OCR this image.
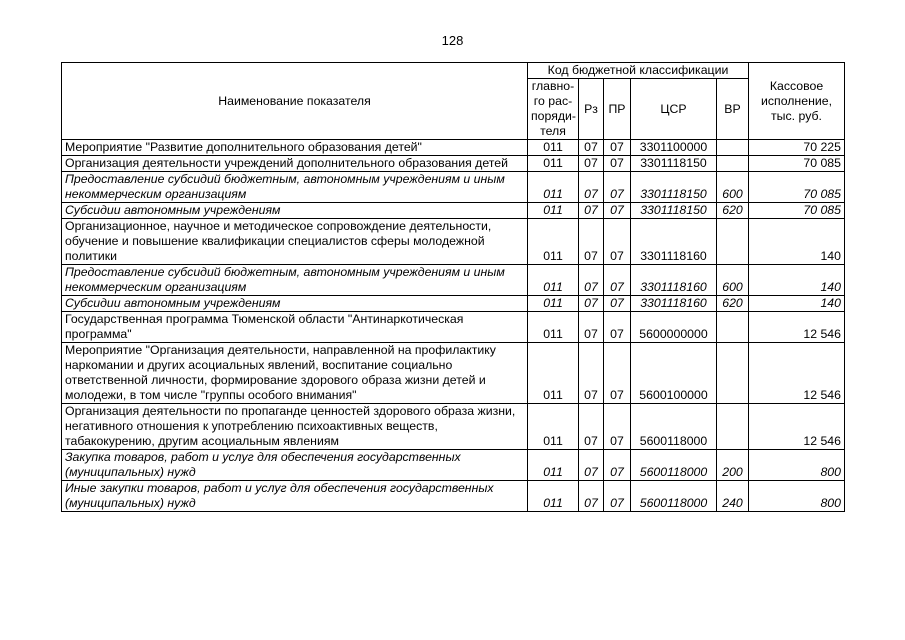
128
Наименование показателя	Код бюджетной классификации					Кассовое исполнение, тыс. руб.
	главно-го рас-поряди-теля	Рз	ПР	ЦСР	ВР	
Мероприятие "Развитие дополнительного образования детей"	011	07	07	3301100000		70 225
Организация деятельности учреждений дополнительного образования детей	011	07	07	3301118150		70 085
Предоставление субсидий бюджетным, автономным учреждениям и иным некоммерческим организациям	011	07	07	3301118150	600	70 085
Субсидии автономным учреждениям	011	07	07	3301118150	620	70 085
Организационное, научное и методическое сопровождение деятельности, обучение и повышение квалификации специалистов сферы молодежной политики	011	07	07	3301118160		140
Предоставление субсидий бюджетным, автономным учреждениям и иным некоммерческим организациям	011	07	07	3301118160	600	140
Субсидии автономным учреждениям	011	07	07	3301118160	620	140
Государственная программа Тюменской области "Антинаркотическая программа"	011	07	07	5600000000		12 546
Мероприятие "Организация деятельности, направленной на профилактику наркомании и других асоциальных явлений, воспитание социально ответственной личности, формирование здорового образа жизни детей и молодежи, в том числе "группы особого внимания"	011	07	07	5600100000		12 546
Организация деятельности по пропаганде ценностей здорового образа жизни, негативного отношения к употреблению психоактивных веществ, табакокурению, другим асоциальным явлениям	011	07	07	5600118000		12 546
Закупка товаров, работ и услуг для обеспечения государственных (муниципальных) нужд	011	07	07	5600118000	200	800
Иные закупки товаров, работ и услуг для обеспечения государственных (муниципальных) нужд	011	07	07	5600118000	240	800
